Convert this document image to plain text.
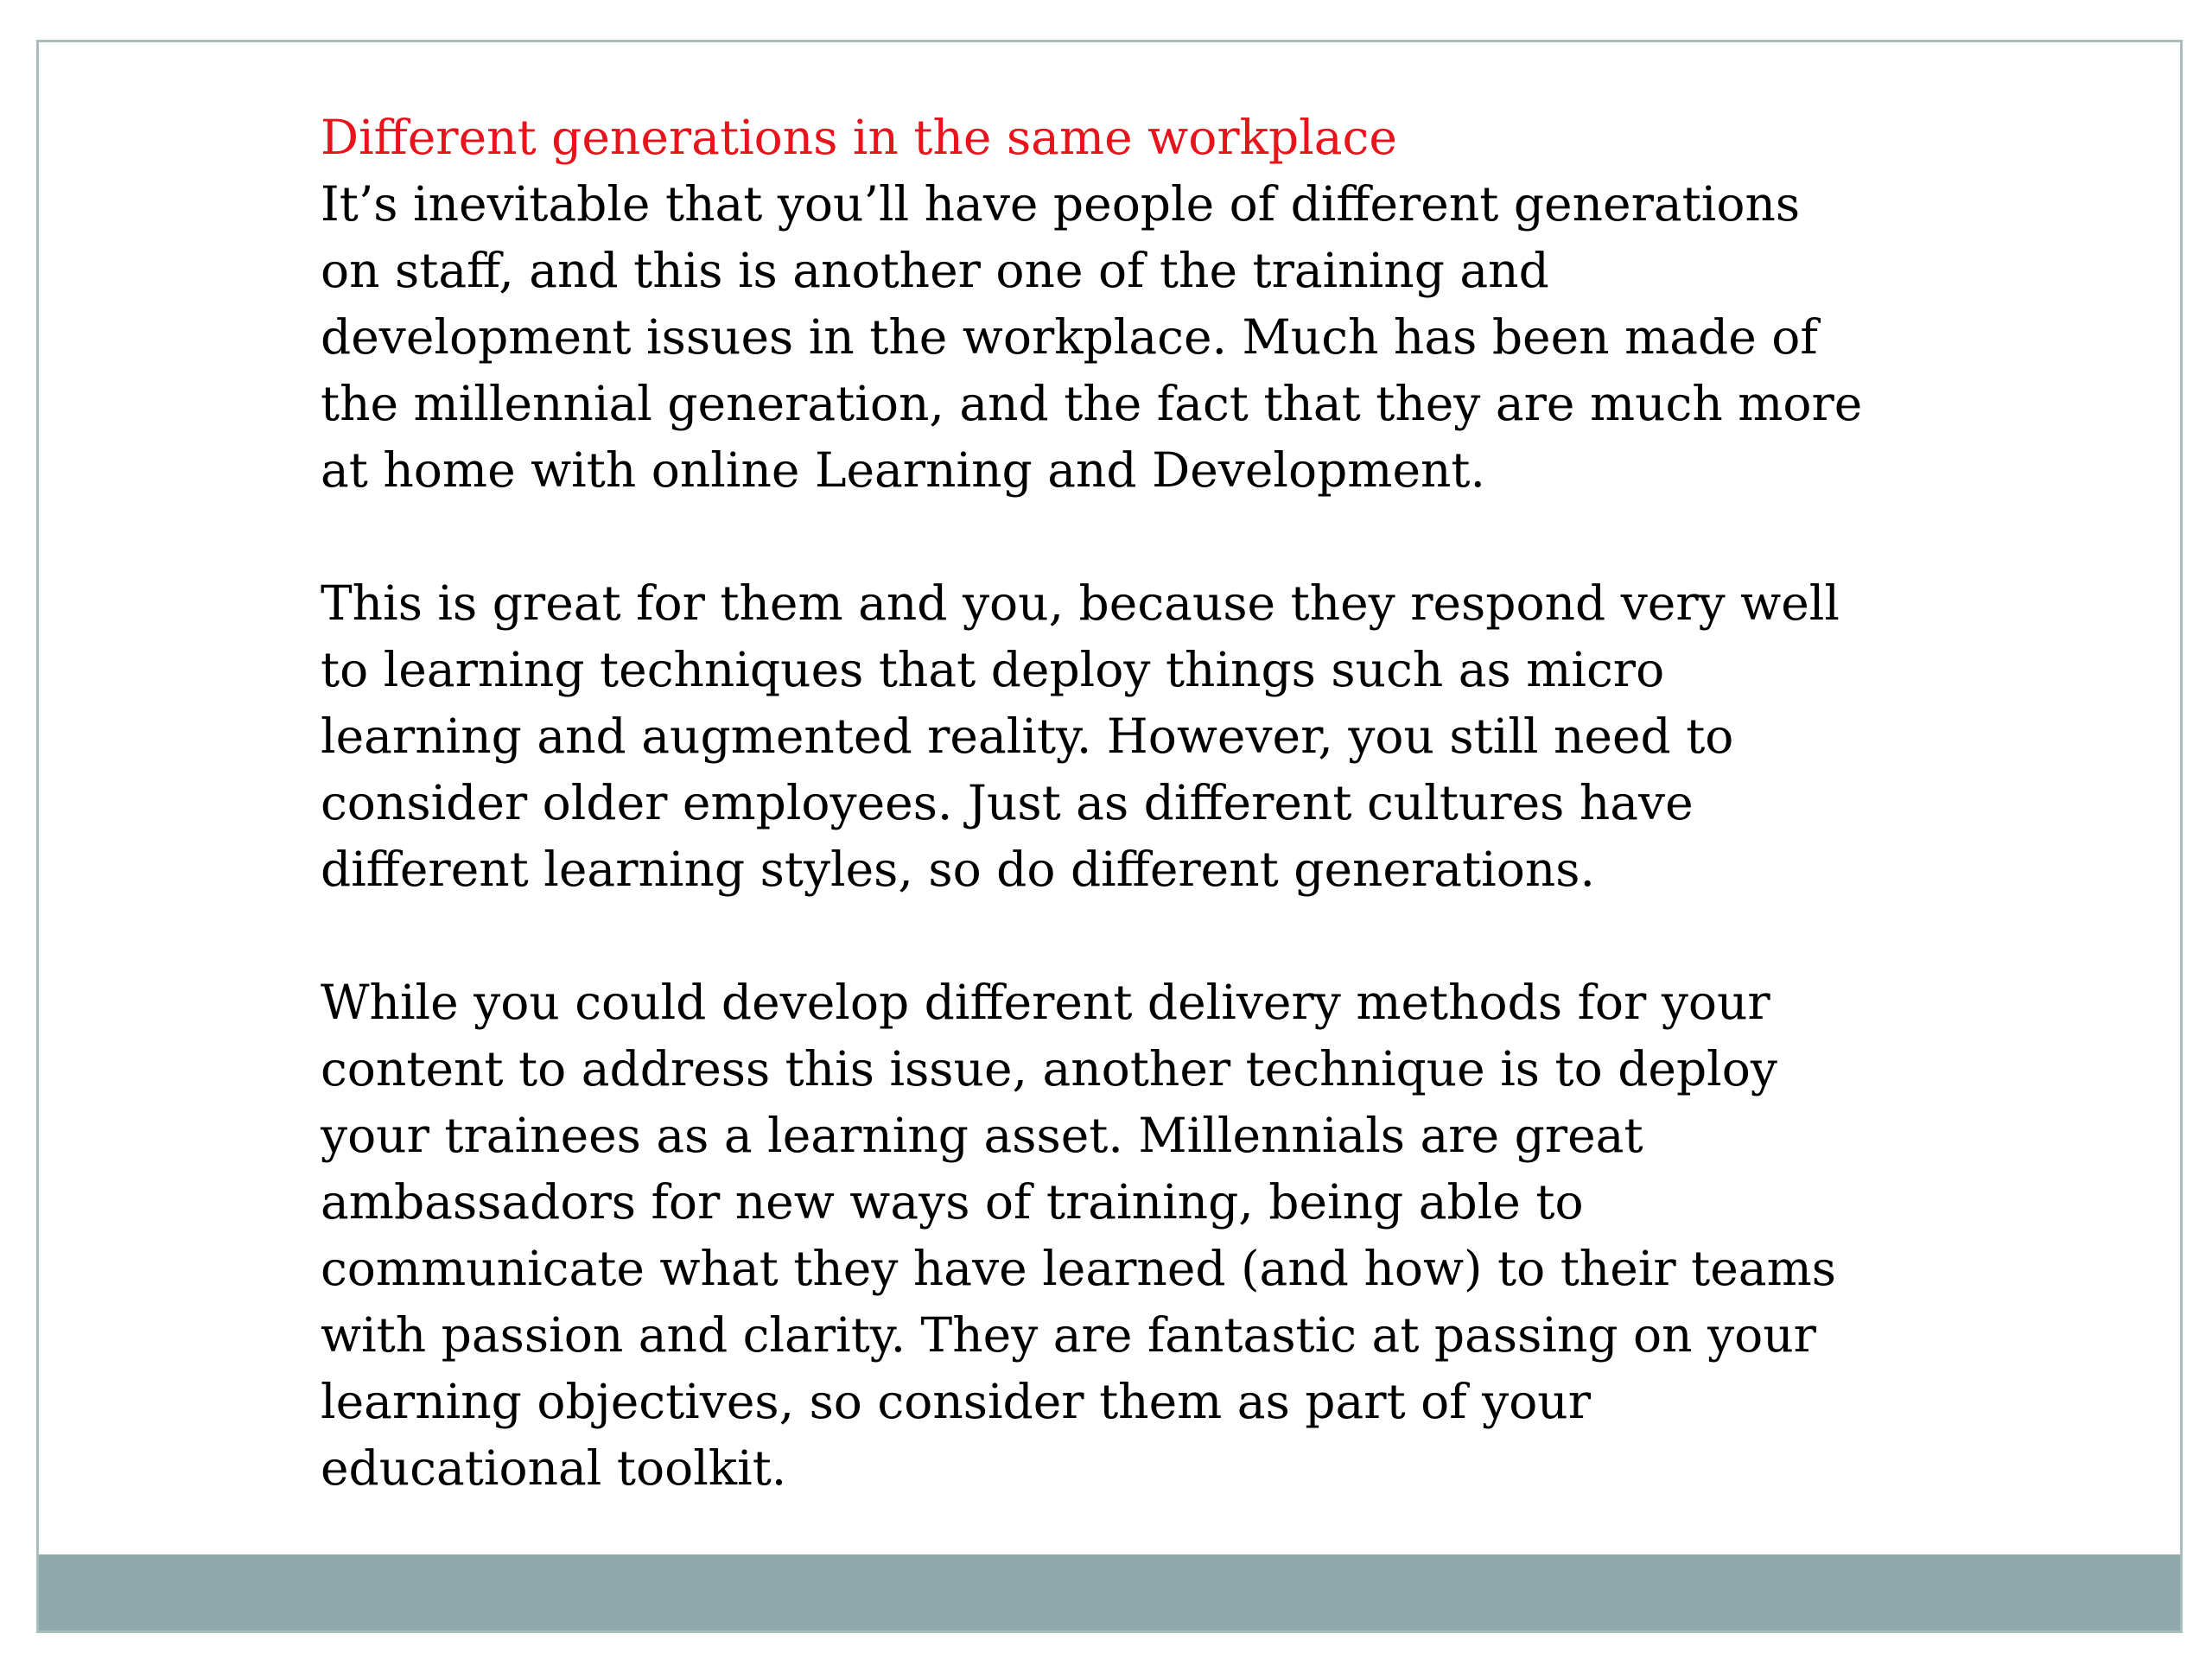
Different generations in the same workplace

It’s inevitable that you’ll have people of different generations
on staff, and this is another one of the training and
development issues in the workplace. Much has been made of
the millennial generation, and the fact that they are much more
at home with online Learning and Development.

This is great for them and you, because they respond very well
to learning techniques that deploy things such as micro
learning and augmented reality. However, you still need to
consider older employees. Just as different cultures have
different learning styles, so do different generations.

While you could develop different delivery methods for your
content to address this issue, another technique is to deploy
your trainees as a learning asset. Millennials are great
ambassadors for new ways of training, being able to
communicate what they have learned (and how) to their teams
with passion and clarity. They are fantastic at passing on your
learning objectives, so consider them as part of your
educational toolkit.
